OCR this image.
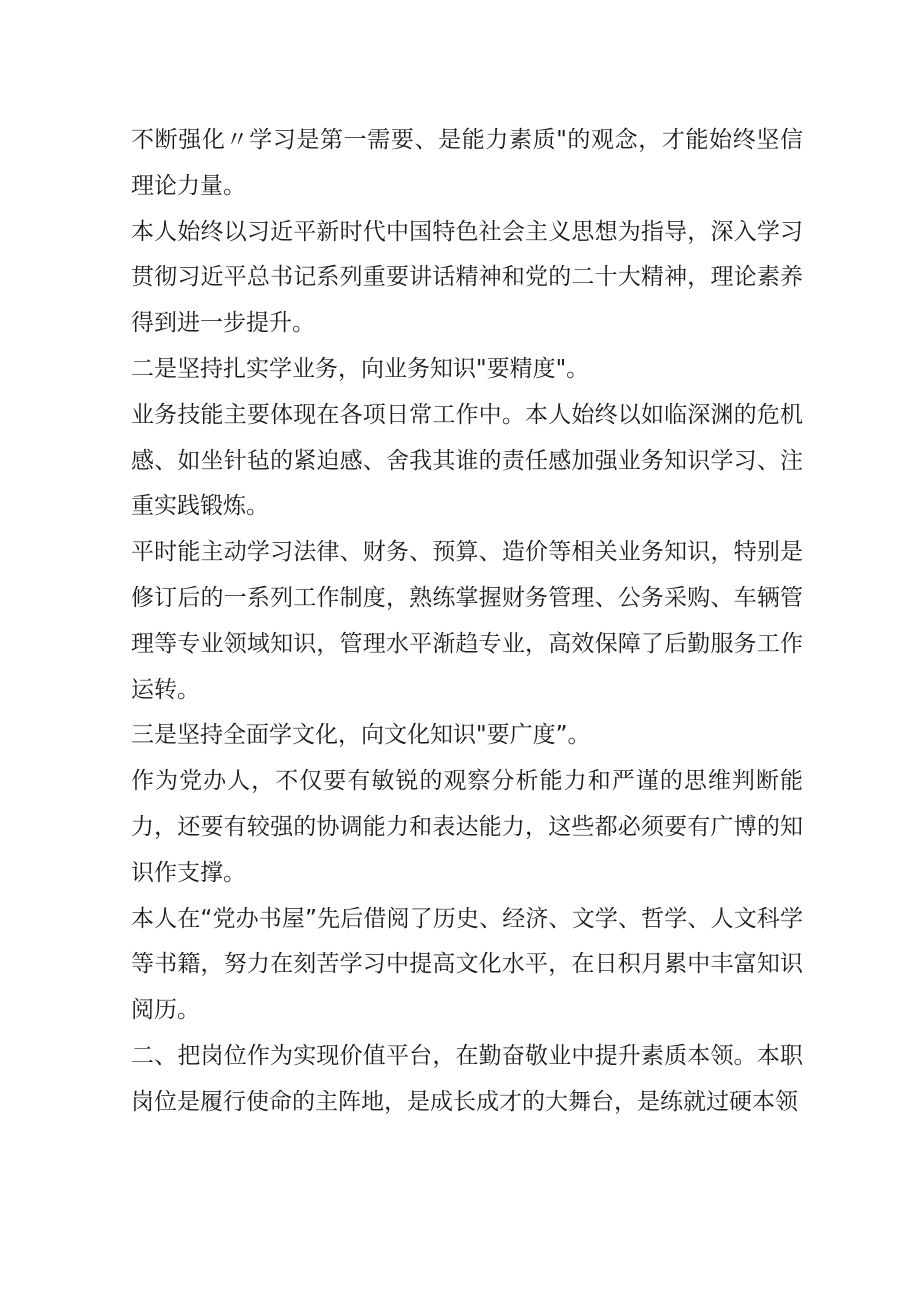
不断强化〃学习是第一需要、是能力素质"的观念，才能始终坚信理论力量。

本人始终以习近平新时代中国特色社会主义思想为指导，深入学习贯彻习近平总书记系列重要讲话精神和党的二十大精神，理论素养得到进一步提升。

二是坚持扎实学业务，向业务知识"要精度"。

业务技能主要体现在各项日常工作中。本人始终以如临深渊的危机感、如坐针毡的紧迫感、舍我其谁的责任感加强业务知识学习、注重实践锻炼。

平时能主动学习法律、财务、预算、造价等相关业务知识，特别是修订后的一系列工作制度，熟练掌握财务管理、公务采购、车辆管理等专业领域知识，管理水平渐趋专业，高效保障了后勤服务工作运转。

三是坚持全面学文化，向文化知识"要广度”。

作为党办人，不仅要有敏锐的观察分析能力和严谨的思维判断能力，还要有较强的协调能力和表达能力，这些都必须要有广博的知识作支撑。

本人在“党办书屋”先后借阅了历史、经济、文学、哲学、人文科学等书籍，努力在刻苦学习中提高文化水平，在日积月累中丰富知识阅历。

二、把岗位作为实现价值平台，在勤奋敬业中提升素质本领。本职岗位是履行使命的主阵地，是成长成才的大舞台，是练就过硬本领
